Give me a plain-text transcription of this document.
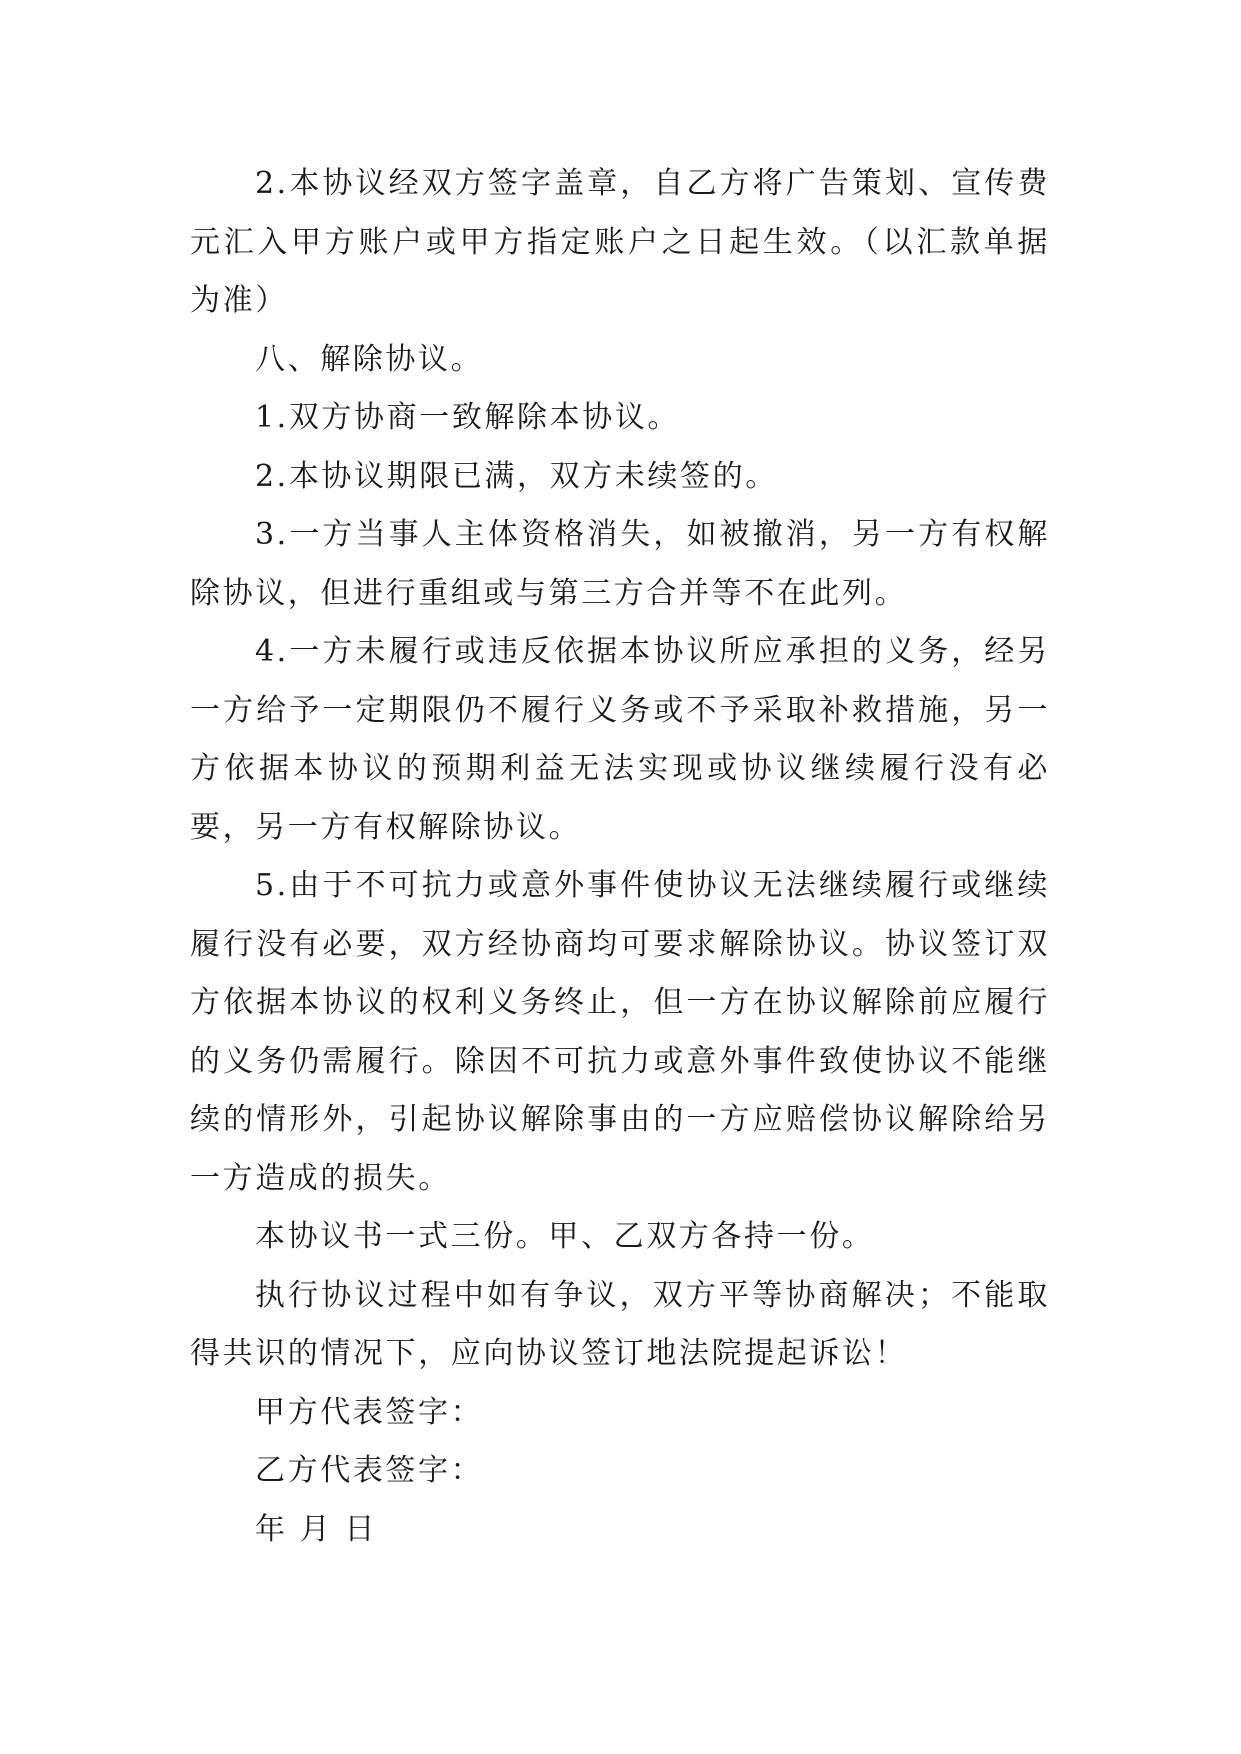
2.本协议经双方签字盖章，自乙方将广告策划、宣传费元汇入甲方账户或甲方指定账户之日起生效。（以汇款单据为准）

八、解除协议。

1.双方协商一致解除本协议。

2.本协议期限已满，双方未续签的。

3.一方当事人主体资格消失，如被撤消，另一方有权解除协议，但进行重组或与第三方合并等不在此列。

4.一方未履行或违反依据本协议所应承担的义务，经另一方给予一定期限仍不履行义务或不予采取补救措施，另一方依据本协议的预期利益无法实现或协议继续履行没有必要，另一方有权解除协议。

5.由于不可抗力或意外事件使协议无法继续履行或继续履行没有必要，双方经协商均可要求解除协议。协议签订双方依据本协议的权利义务终止，但一方在协议解除前应履行的义务仍需履行。除因不可抗力或意外事件致使协议不能继续的情形外，引起协议解除事由的一方应赔偿协议解除给另一方造成的损失。

本协议书一式三份。甲、乙双方各持一份。

执行协议过程中如有争议，双方平等协商解决；不能取得共识的情况下，应向协议签订地法院提起诉讼！

甲方代表签字：

乙方代表签字：

年 月 日
